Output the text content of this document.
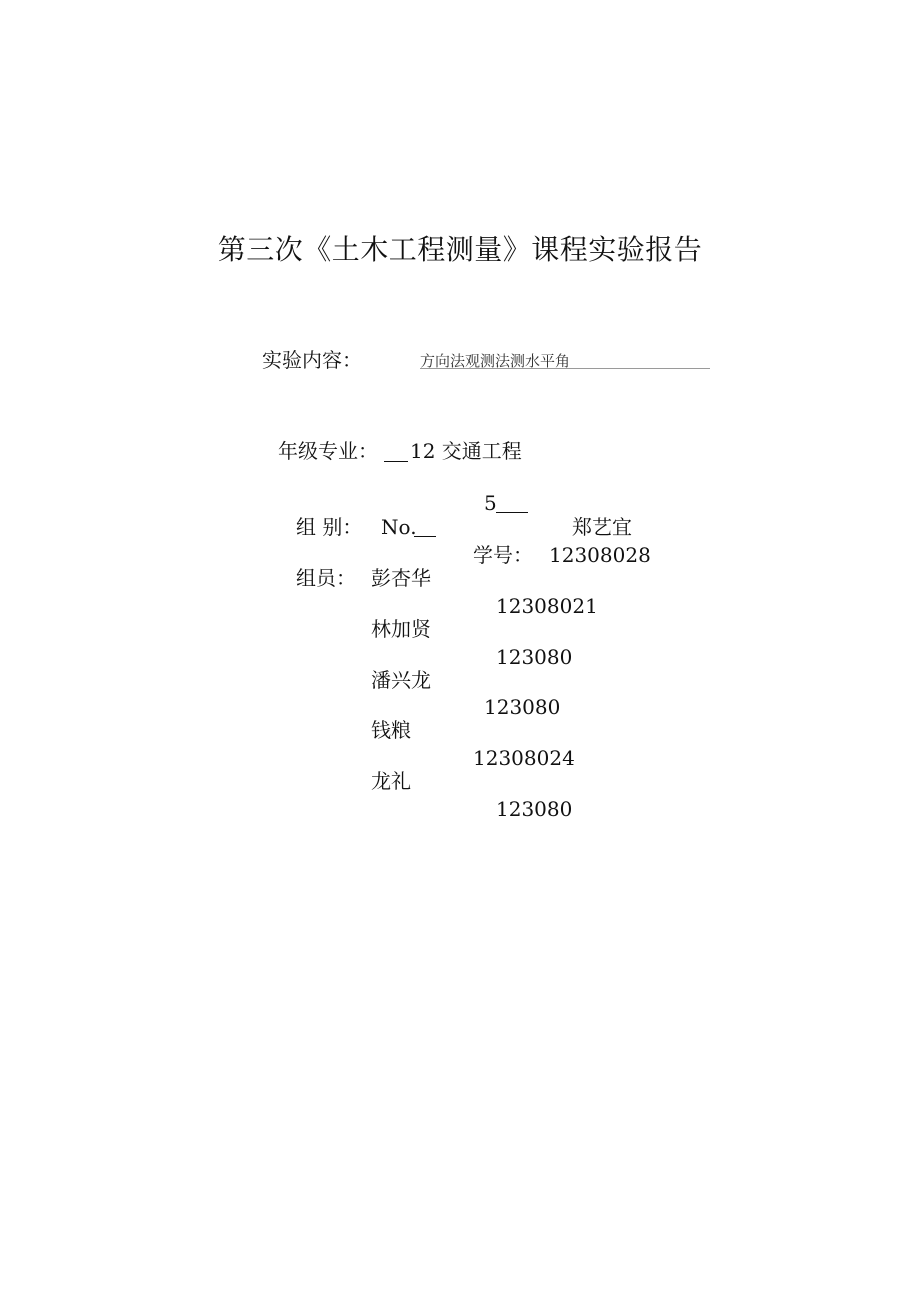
第三次《土木工程测量》课程实验报告
实验内容：	方向法观测法测水平角
年级专业： 12 交通工程
5
组 别： No.	郑艺宜
学号： 12308028
组员： 彭杏华
12308021
林加贤
123080
潘兴龙
123080
钱粮
12308024
龙礼
123080
